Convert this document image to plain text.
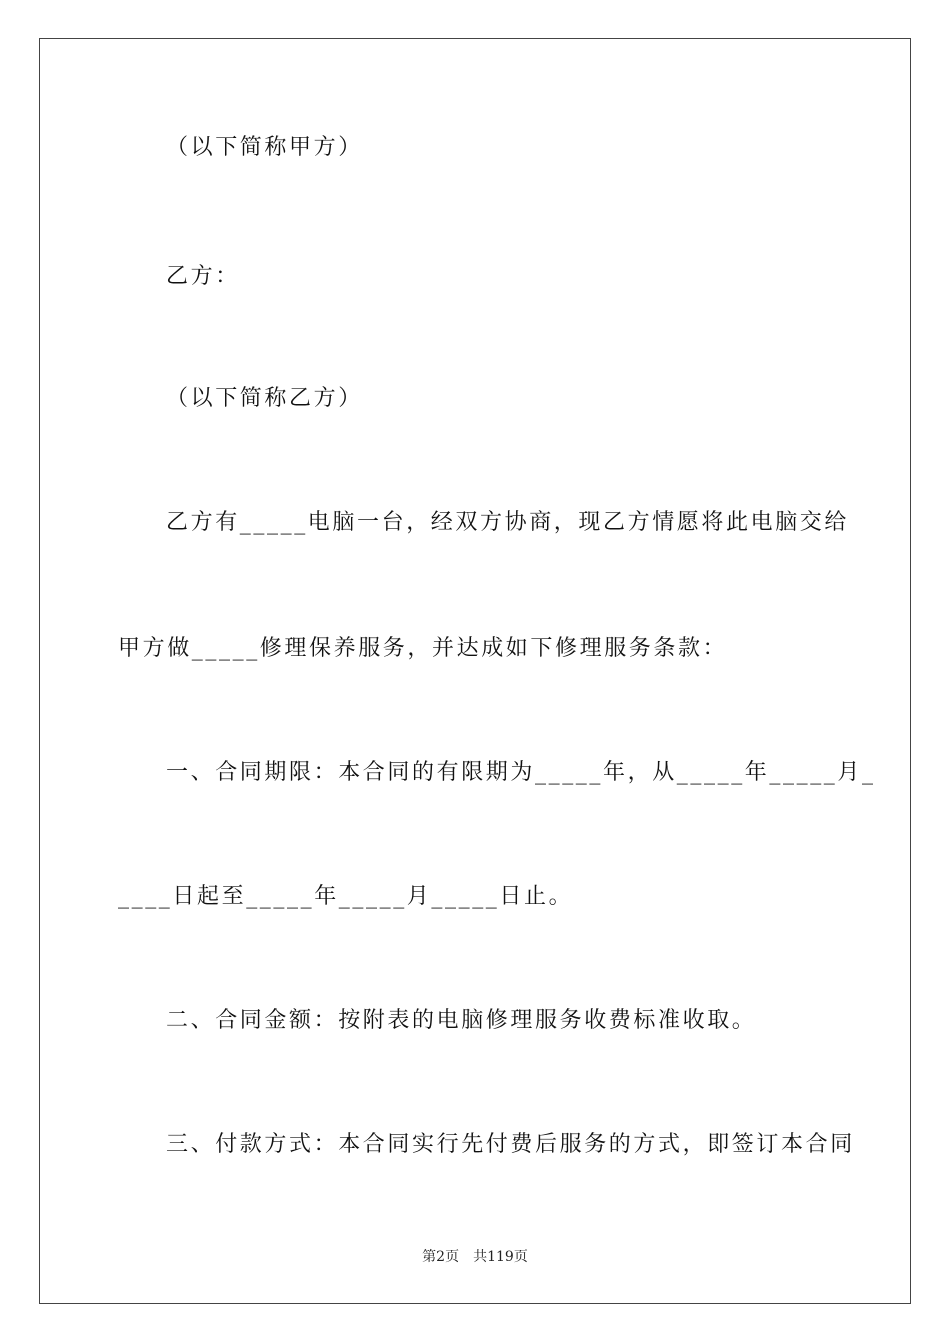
（以下简称甲方）
乙方：
（以下简称乙方）
乙方有_____电脑一台，经双方协商，现乙方情愿将此电脑交给
甲方做_____修理保养服务，并达成如下修理服务条款：
一、合同期限：本合同的有限期为_____年，从_____年_____月_
____日起至_____年_____月_____日止。
二、合同金额：按附表的电脑修理服务收费标准收取。
三、付款方式：本合同实行先付费后服务的方式，即签订本合同
第2页 共119页
